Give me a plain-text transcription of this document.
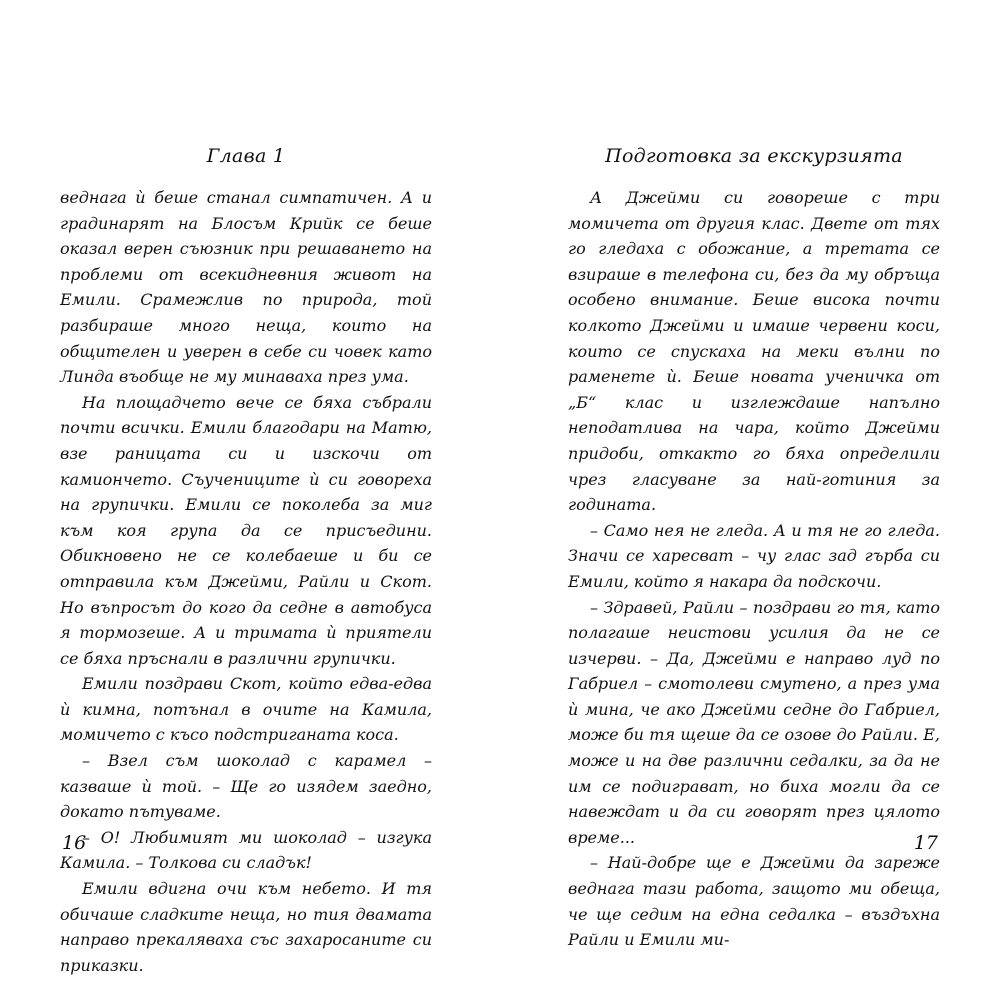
Глава 1

веднага ѝ беше станал симпатичен. А и градинарят на Блосъм Крийк се беше оказал верен съюзник при решаването на проблеми от всекидневния живот на Емили. Срамежлив по природа, той разбираше много неща, които на общителен и уверен в себе си човек като Линда въобще не му минаваха през ума.

На площадчето вече се бяха събрали почти всички. Емили благодари на Матю, взе раницата си и изскочи от камиончето. Съучениците ѝ си говореха на групички. Емили се поколеба за миг към коя група да се присъедини. Обикновено не се колебаеше и би се отправила към Джейми, Райли и Скот. Но въпросът до кого да седне в автобуса я тормозеше. А и тримата ѝ приятели се бяха пръснали в различни групички.

Емили поздрави Скот, който едва-едва ѝ кимна, потънал в очите на Камила, момичето с късо подстриганата коса.

– Взел съм шоколад с карамел – казваше ѝ той. – Ще го изядем заедно, докато пътуваме.

– О! Любимият ми шоколад – изгука Камила. – Толкова си сладък!

Емили вдигна очи към небето. И тя обичаше сладките неща, но тия двамата направо прекаляваха със захаросаните си приказки.

16
Подготовка за екскурзията

А Джейми си говореше с три момичета от другия клас. Двете от тях го гледаха с обожание, а третата се взираше в телефона си, без да му обръща особено внимание. Беше висока почти колкото Джейми и имаше червени коси, които се спускаха на меки вълни по раменете ѝ. Беше новата ученичка от „Б“ клас и изглеждаше напълно неподатлива на чара, който Джейми придоби, откакто го бяха определили чрез гласуване за най-готиния за годината.

– Само нея не гледа. А и тя не го гледа. Значи се харесват – чу глас зад гърба си Емили, който я накара да подскочи.

– Здравей, Райли – поздрави го тя, като полагаше неистови усилия да не се изчерви. – Да, Джейми е направо луд по Габриел – смотолеви смутено, а през ума ѝ мина, че ако Джейми седне до Габриел, може би тя щеше да се озове до Райли. Е, може и на две различни седалки, за да не им се подиграват, но биха могли да се навеждат и да си говорят през цялото време...

– Най-добре ще е Джейми да зареже веднага тази работа, защото ми обеща, че ще седим на една седалка – въздъхна Райли и Емили ми-

17
